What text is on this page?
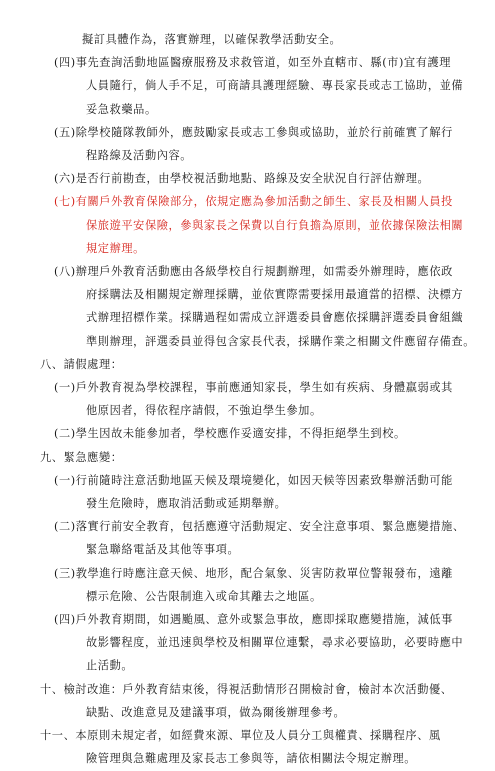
擬訂具體作為，落實辦理，以確保教學活動安全。
(四)事先查詢活動地區醫療服務及求救管道，如至外直轄市、縣(市)宜有護理
人員隨行，倘人手不足，可商請具護理經驗、專長家長或志工協助，並備
妥急救藥品。
(五)除學校隨隊教師外，應鼓勵家長或志工參與或協助，並於行前確實了解行
程路線及活動內容。
(六)是否行前勘查，由學校視活動地點、路線及安全狀況自行評估辦理。
(七)有關戶外教育保險部分，依規定應為參加活動之師生、家長及相關人員投
保旅遊平安保險，參與家長之保費以自行負擔為原則，並依據保險法相關
規定辦理。
(八)辦理戶外教育活動應由各級學校自行規劃辦理，如需委外辦理時，應依政
府採購法及相關規定辦理採購，並依實際需要採用最適當的招標、決標方
式辦理招標作業。採購過程如需成立評選委員會應依採購評選委員會組織
準則辦理，評選委員並得包含家長代表，採購作業之相關文件應留存備查。
八、請假處理：
(一)戶外教育視為學校課程，事前應通知家長，學生如有疾病、身體羸弱或其
他原因者，得依程序請假，不強迫學生參加。
(二)學生因故未能參加者，學校應作妥適安排，不得拒絕學生到校。
九、緊急應變：
(一)行前隨時注意活動地區天候及環境變化，如因天候等因素致舉辦活動可能
發生危險時，應取消活動或延期舉辦。
(二)落實行前安全教育，包括應遵守活動規定、安全注意事項、緊急應變措施、
緊急聯絡電話及其他等事項。
(三)教學進行時應注意天候、地形，配合氣象、災害防救單位警報發布，遠離
標示危險、公告限制進入或命其離去之地區。
(四)戶外教育期間，如遇颱風、意外或緊急事故，應即採取應變措施，減低事
故影響程度，並迅速與學校及相關單位連繫，尋求必要協助，必要時應中
止活動。
十、檢討改進：戶外教育結束後，得視活動情形召開檢討會，檢討本次活動優、
缺點、改進意見及建議事項，做為爾後辦理參考。
十一、本原則未規定者，如經費來源、單位及人員分工與權責、採購程序、風
險管理與急難處理及家長志工參與等，請依相關法令規定辦理。
